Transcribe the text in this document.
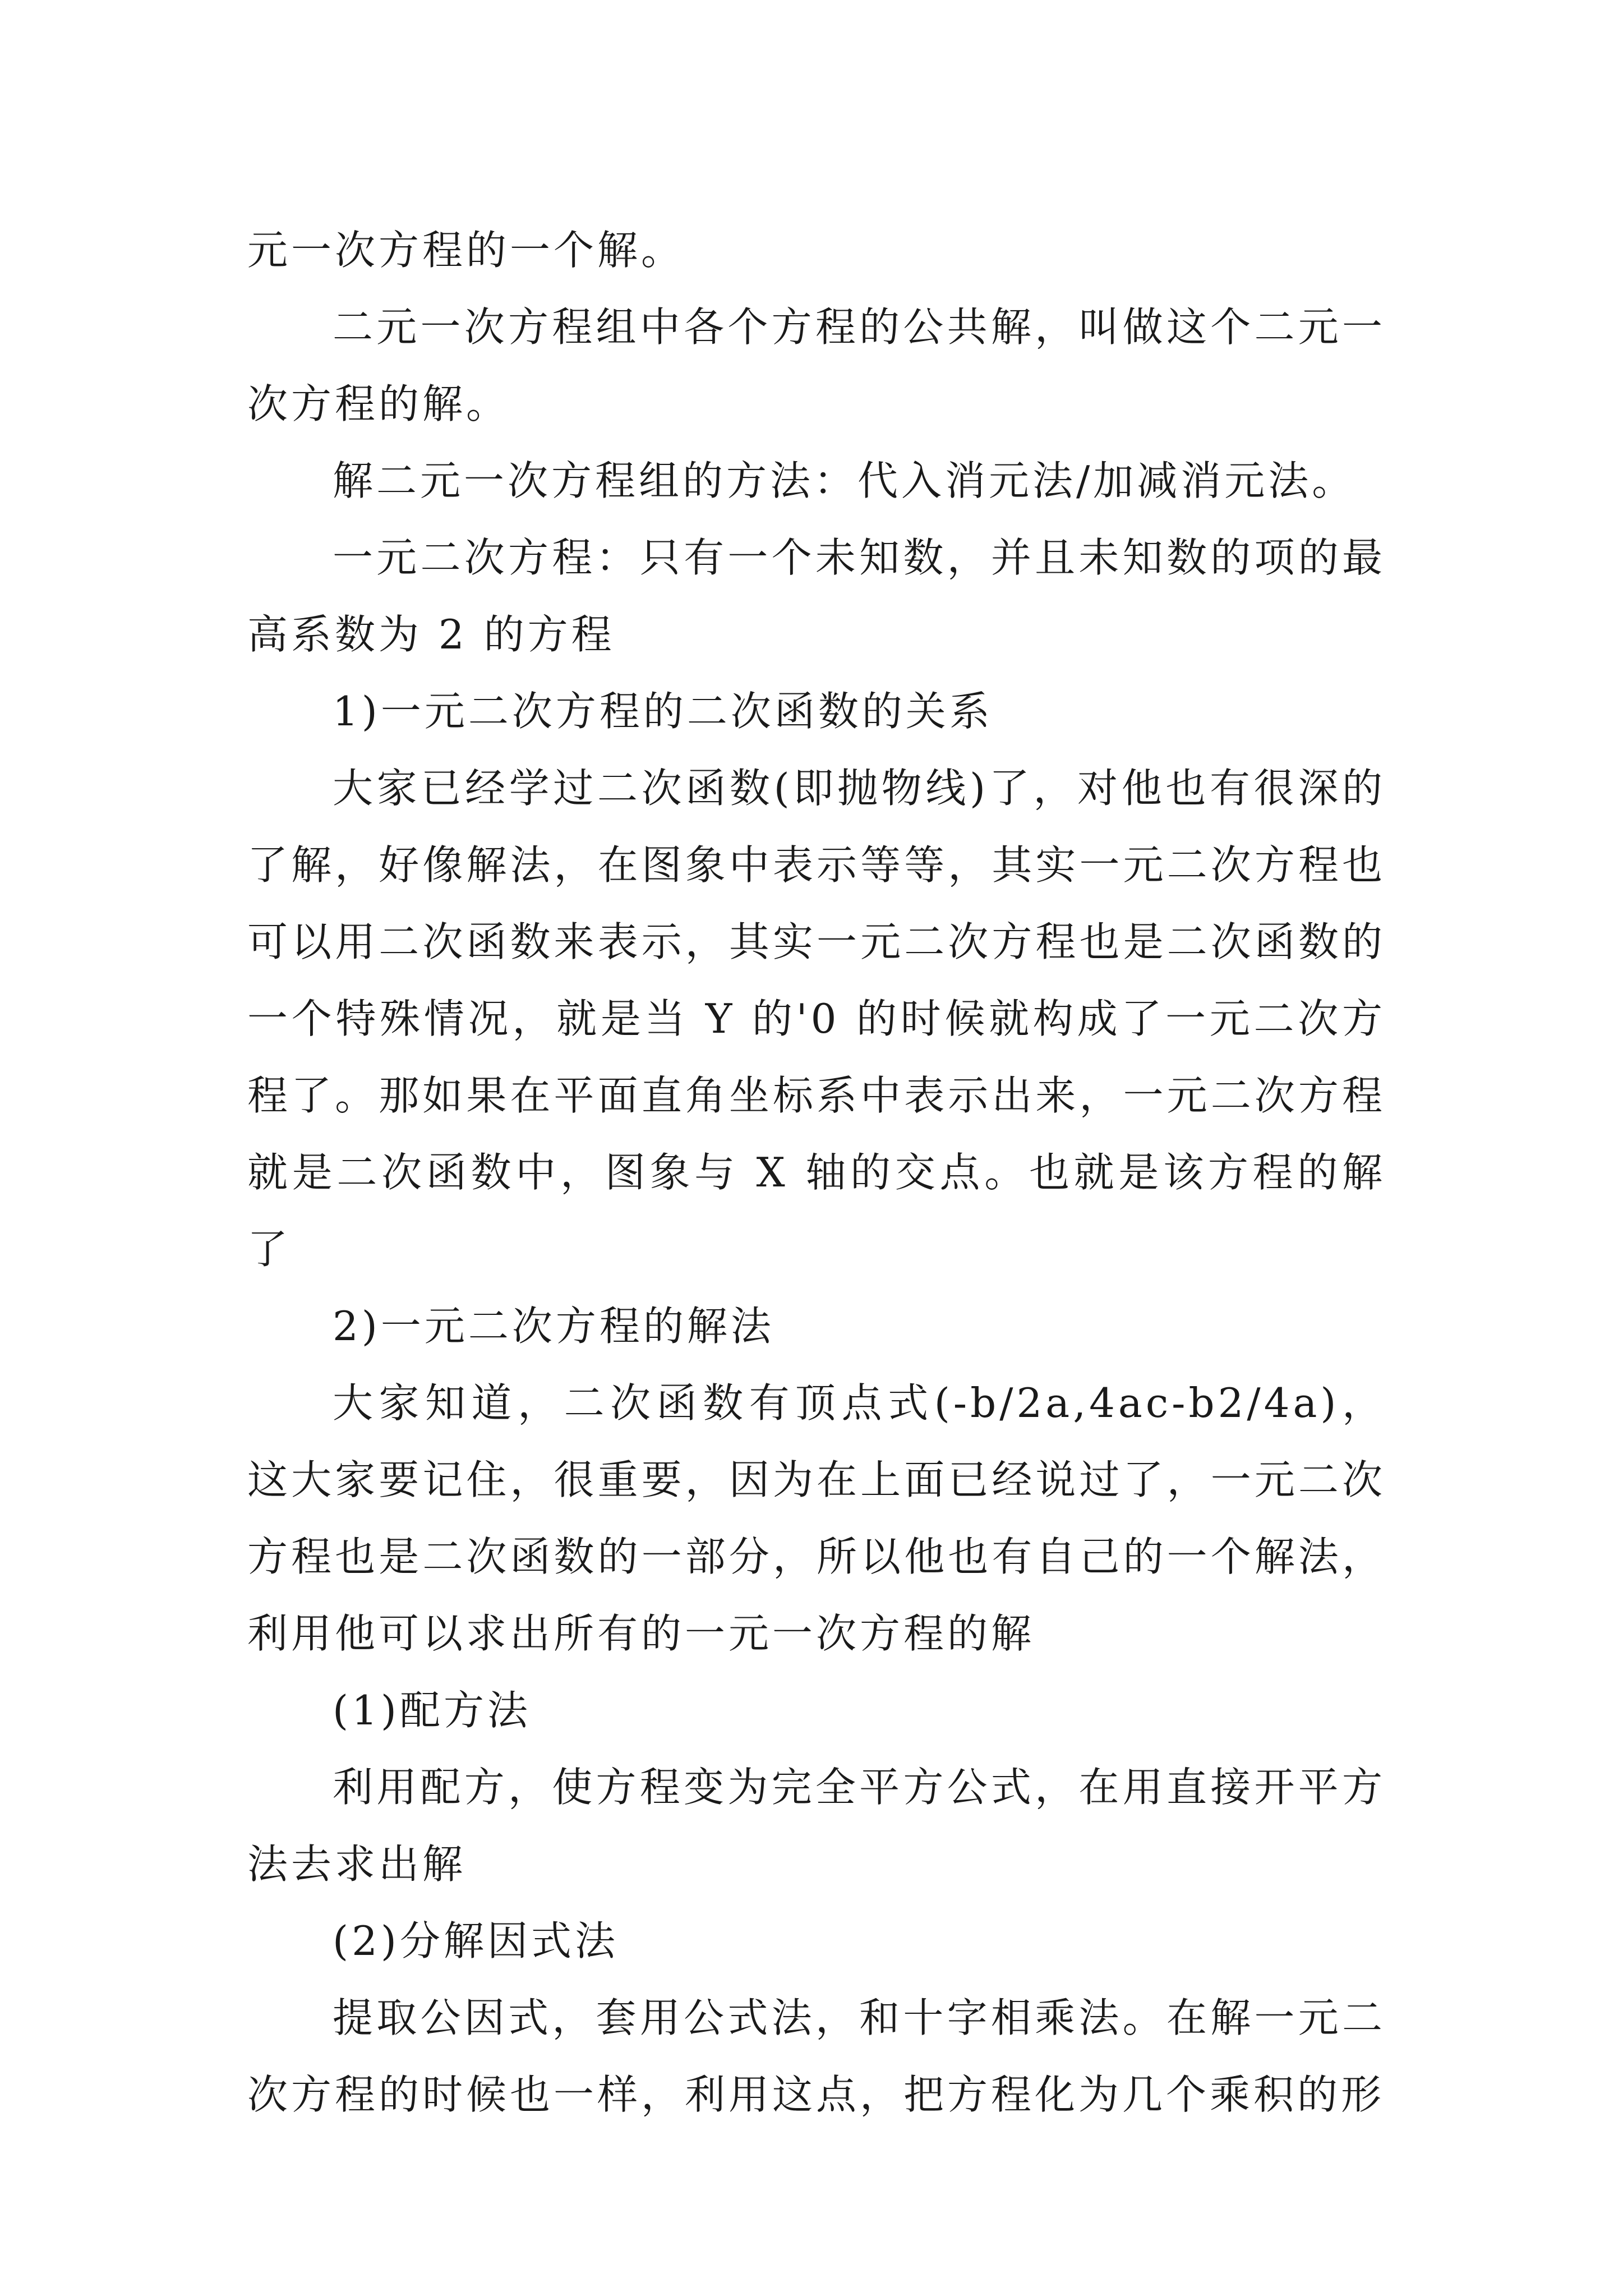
元一次方程的一个解。

二元一次方程组中各个方程的公共解，叫做这个二元一次方程的解。

解二元一次方程组的方法：代入消元法/加减消元法。

一元二次方程：只有一个未知数，并且未知数的项的最高系数为 2 的方程

1)一元二次方程的二次函数的关系

大家已经学过二次函数(即抛物线)了，对他也有很深的了解，好像解法，在图象中表示等等，其实一元二次方程也可以用二次函数来表示，其实一元二次方程也是二次函数的一个特殊情况，就是当 Y 的'0 的时候就构成了一元二次方程了。那如果在平面直角坐标系中表示出来，一元二次方程就是二次函数中，图象与 X 轴的交点。也就是该方程的解了

2)一元二次方程的解法

大家知道，二次函数有顶点式(-b/2a,4ac-b2/4a)，这大家要记住，很重要，因为在上面已经说过了，一元二次方程也是二次函数的一部分，所以他也有自己的一个解法，利用他可以求出所有的一元一次方程的解

(1)配方法

利用配方，使方程变为完全平方公式，在用直接开平方法去求出解

(2)分解因式法

提取公因式，套用公式法，和十字相乘法。在解一元二次方程的时候也一样，利用这点，把方程化为几个乘积的形
